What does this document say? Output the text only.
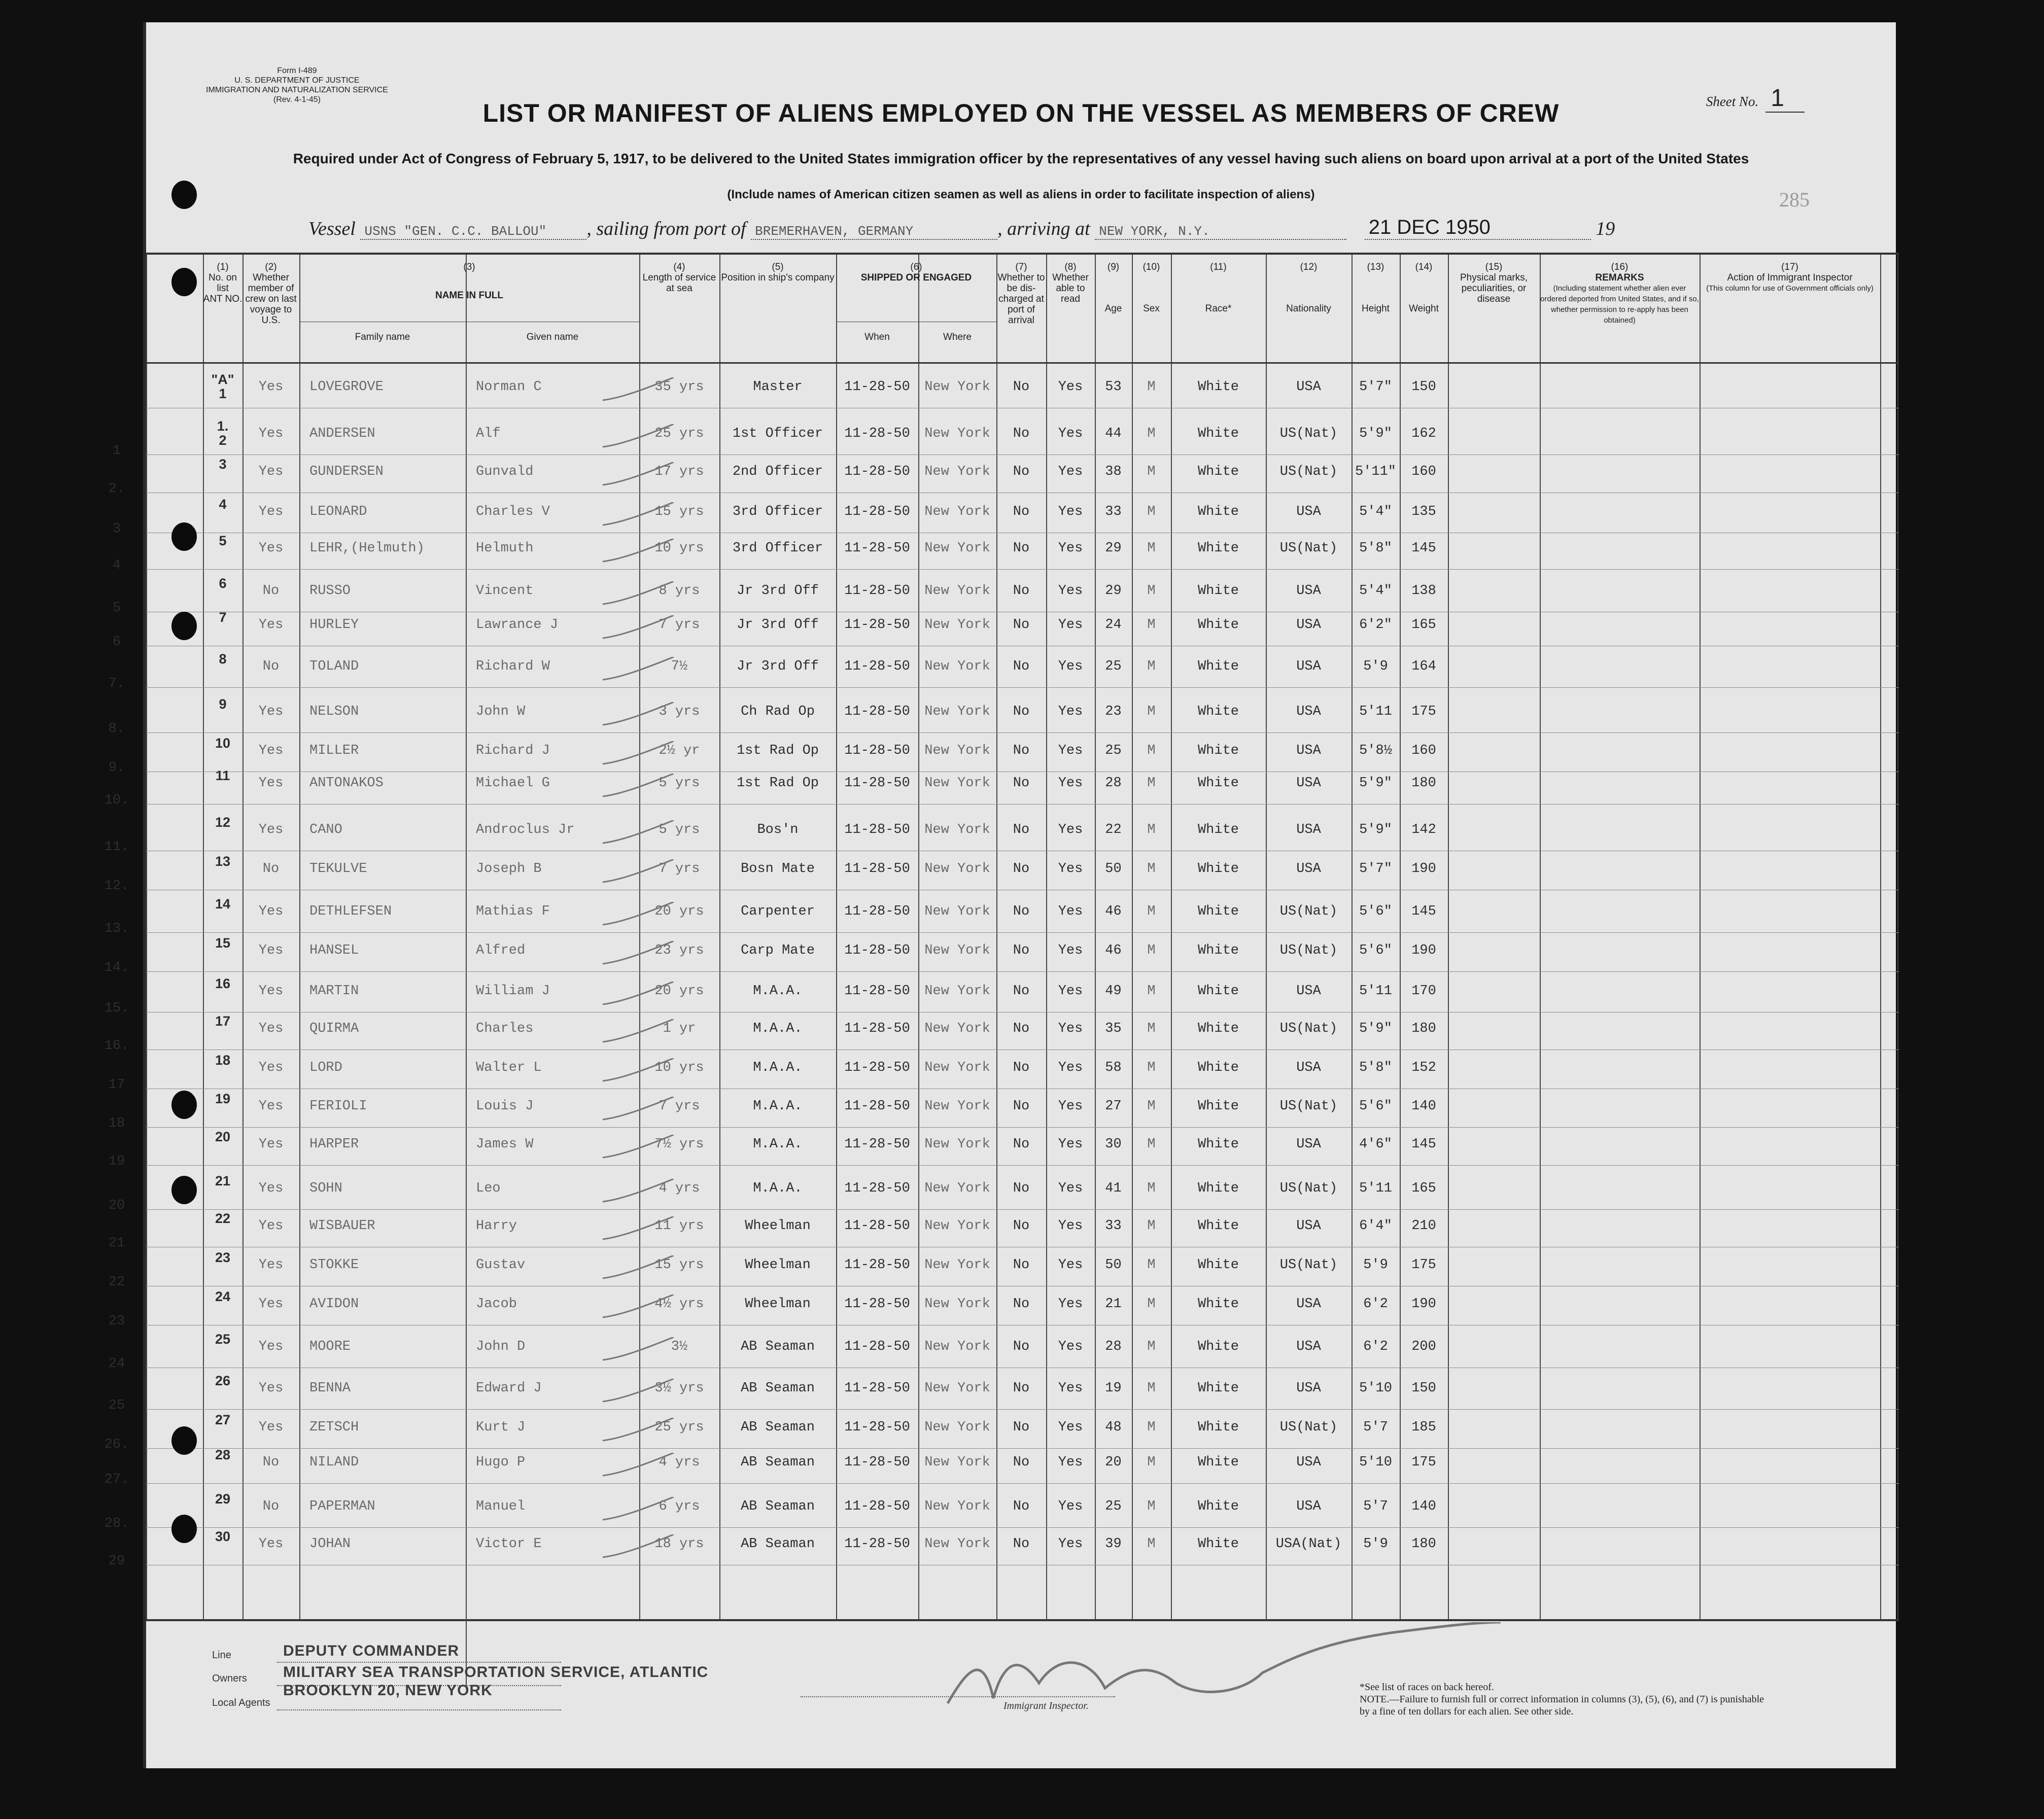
Form I-489
U. S. DEPARTMENT OF JUSTICE
IMMIGRATION AND NATURALIZATION SERVICE
(Rev. 4-1-45)	Sheet No. 1
LIST OR MANIFEST OF ALIENS EMPLOYED ON THE VESSEL AS MEMBERS OF CREW
Required under Act of Congress of February 5, 1917, to be delivered to the United States immigration officer by the representatives of any vessel having such aliens on board upon arrival at a port of the United States
(Include names of American citizen seamen as well as aliens in order to facilitate inspection of aliens)	285
Vessel USNS "GEN. C.C. BALLOU" , sailing from port of BREMERHAVEN, GERMANY	, arriving at NEW YORK, N.Y.	21 DEC 1950	19
(1)
No. on list
ANT NO.
(2)
Whether member of crew on last voyage to U.S.
(3)
NAME IN FULL
Family name	Given name
(4)
Length of service at sea
(5)
Position in ship's company
(6)
SHIPPED OR ENGAGED
When	Where
(7)
Whether to be dis-charged at port of arrival
(8)
Whether able to read
(9)
Age
(10)
Sex
(11)
Race*
(12)
Nationality
(13)
Height
(14)
Weight
(15)
Physical marks, peculiarities, or disease
(16)
REMARKS
(Including statement whether alien ever ordered deported from United States, and if so, whether permission to re-apply has been obtained)
(17)
Action of Immigrant Inspector
(This column for use of Government officials only)
"A"
1	Yes	LOVEGROVE	Norman C	35 yrs	Master	11-28-50	New York	No	Yes	53	M	White	USA	5'7"	150
1.
2	Yes	ANDERSEN	Alf	25 yrs	1st Officer	11-28-50	New York	No	Yes	44	M	White	US(Nat)	5'9"	162
1
3	Yes	GUNDERSEN	Gunvald	17 yrs	2nd Officer	11-28-50	New York	No	Yes	38	M	White	US(Nat)	5'11"	160
2.
4	Yes	LEONARD	Charles V	15 yrs	3rd Officer	11-28-50	New York	No	Yes	33	M	White	USA	5'4"	135
3
5	Yes	LEHR,(Helmuth)	Helmuth	10 yrs	3rd Officer	11-28-50	New York	No	Yes	29	M	White	US(Nat)	5'8"	145
4
6	No	RUSSO	Vincent	8 yrs	Jr 3rd Off	11-28-50	New York	No	Yes	29	M	White	USA	5'4"	138
5
7	Yes	HURLEY	Lawrance J	7 yrs	Jr 3rd Off	11-28-50	New York	No	Yes	24	M	White	USA	6'2"	165
6
8	No	TOLAND	Richard W	7½	Jr 3rd Off	11-28-50	New York	No	Yes	25	M	White	USA	5'9	164
7.
9	Yes	NELSON	John W	3 yrs	Ch Rad Op	11-28-50	New York	No	Yes	23	M	White	USA	5'11	175
8.
10	Yes	MILLER	Richard J	2½ yr	1st Rad Op	11-28-50	New York	No	Yes	25	M	White	USA	5'8½	160
9.	11	Yes	ANTONAKOS	Michael G	5 yrs	1st Rad Op	11-28-50	New York	No	Yes	28	M	White	USA	5'9"	180
10.
12	Yes	CANO	Androclus Jr	5 yrs	Bos'n	11-28-50	New York	No	Yes	22	M	White	USA	5'9"	142
11.
13	No	TEKULVE	Joseph B	7 yrs	Bosn Mate	11-28-50	New York	No	Yes	50	M	White	USA	5'7"	190
12.
14	Yes	DETHLEFSEN	Mathias F	20 yrs	Carpenter	11-28-50	New York	No	Yes	46	M	White	US(Nat)	5'6"	145
13.
15	Yes	HANSEL	Alfred	23 yrs	Carp Mate	11-28-50	New York	No	Yes	46	M	White	US(Nat)	5'6"	190
14.
16	Yes	MARTIN	William J	20 yrs	M.A.A.	11-28-50	New York	No	Yes	49	M	White	USA	5'11	170
15.
17	Yes	QUIRMA	Charles	1 yr	M.A.A.	11-28-50	New York	No	Yes	35	M	White	US(Nat)	5'9"	180
16.
18	Yes	LORD	Walter L	10 yrs	M.A.A.	11-28-50	New York	No	Yes	58	M	White	USA	5'8"	152
17
19	Yes	FERIOLI	Louis J	7 yrs	M.A.A.	11-28-50	New York	No	Yes	27	M	White	US(Nat)	5'6"	140
18
20	Yes	HARPER	James W	7½ yrs	M.A.A.	11-28-50	New York	No	Yes	30	M	White	USA	4'6"	145
19
21	Yes	SOHN	Leo	4 yrs	M.A.A.	11-28-50	New York	No	Yes	41	M	White	US(Nat)	5'11	165
20
22	Yes	WISBAUER	Harry	11 yrs	Wheelman	11-28-50	New York	No	Yes	33	M	White	USA	6'4"	210
21
23	Yes	STOKKE	Gustav	15 yrs	Wheelman	11-28-50	New York	No	Yes	50	M	White	US(Nat)	5'9	175
22
24	Yes	AVIDON	Jacob	4½ yrs	Wheelman	11-28-50	New York	No	Yes	21	M	White	USA	6'2	190
23
25	Yes	MOORE	John D	3½	AB Seaman	11-28-50	New York	No	Yes	28	M	White	USA	6'2	200
24
26	Yes	BENNA	Edward J	3½ yrs	AB Seaman	11-28-50	New York	No	Yes	19	M	White	USA	5'10	150
25
27	Yes	ZETSCH	Kurt J	25 yrs	AB Seaman	11-28-50	New York	No	Yes	48	M	White	US(Nat)	5'7	185
26.
28	No	NILAND	Hugo P	4 yrs	AB Seaman	11-28-50	New York	No	Yes	20	M	White	USA	5'10	175
27.
29	No	PAPERMAN	Manuel	6 yrs	AB Seaman	11-28-50	New York	No	Yes	25	M	White	USA	5'7	140
28.
30	Yes	JOHAN	Victor E	18 yrs	AB Seaman	11-28-50	New York	No	Yes	39	M	White	USA(Nat)	5'9	180
29
Line
Owners
Local Agents
DEPUTY COMMANDER
MILITARY SEA TRANSPORTATION SERVICE, ATLANTIC
BROOKLYN 20, NEW YORK
Immigrant Inspector.
*See list of races on back hereof.
NOTE.—Failure to furnish full or correct information in columns (3), (5), (6), and (7) is punishable by a fine of ten dollars for each alien. See other side.
